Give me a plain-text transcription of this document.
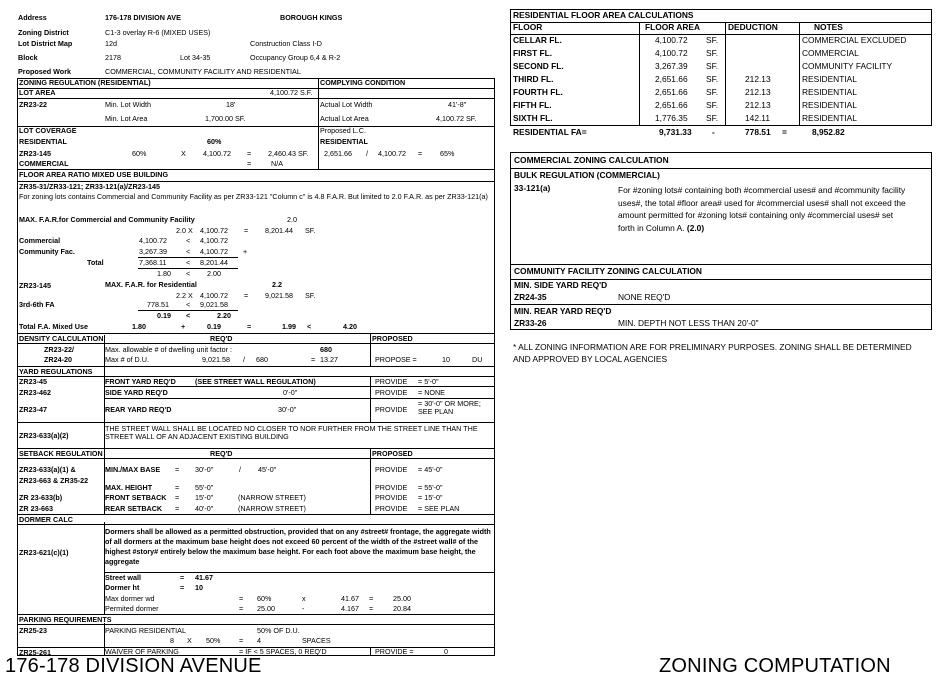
Address	176-178 DIVISION AVE	BOROUGH KINGS
Zoning District	C1-3 overlay R-6 (MIXED USES)
Lot District Map	12d	Construction Class I-D
Block	2178	Lot 34-35	Occupancy Group 6,4 & R-2
Proposed Work	COMMERCIAL, COMMUNITY FACILITY AND RESIDENTIAL
ZONING REGULATION (RESIDENTIAL)	COMPLYING CONDITION
LOT AREA	4,100.72 S.F.
ZR23-22	Min. Lot Width	18'	Actual Lot Width	41'-8"
Min. Lot Area	1,700.00 SF.	Actual Lot Area	4,100.72 SF.
LOT COVERAGE	Proposed L.C.
RESIDENTIAL	60%	RESIDENTIAL
ZR23-145	60%	X 4,100.72 = 2,460.43 SF. 2,651.66 / 4,100.72 = 65%
COMMERCIAL	=	N/A
FLOOR AREA RATIO MIXED USE BUILDING
ZR35-31/ZR33-121; ZR33-121(a)/ZR23-145
For zoning lots contains Commercial and Community Facility as per ZR33-121 "Column c" is 4.8 F.A.R. But limited to 2.0 F.A.R. as per ZR33-121(a)
MAX. F.A.R.for Commercial and Community Facility	2.0
2.0 X 4,100.72 = 8,201.44 SF.
Commercial	4,100.72	< 4,100.72
Community Fac.	3,267.39	< 4,100.72 +
Total	7,368.11	< 8,201.44
1.80 < 2.00
ZR23-145	MAX. F.A.R. for Residential	2.2
2.2 X 4,100.72 = 9,021.58 SF.
3rd-6th FA	778.51 < 9,021.58
0.19 <	2.20
Total F.A. Mixed Use	1.80	+	0.19	=	1.99 <	4.20
DENSITY CALCULATION	REQ'D	PROPOSED
ZR23-22/
ZR24-20
Max. allowable # of dwelling unit factor :	680
Max # of D.U.	9,021.58 / 680	= 13.27	PROPOSE =	10	DU
YARD REGULATIONS
ZR23-45	FRONT YARD REQ'D	(SEE STREET WALL REGULATION)	PROVIDE = 5'-0"
ZR23-462	SIDE YARD REQ'D	0'-0"	PROVIDE = NONE
ZR23-47	REAR YARD REQ'D	30'-0"	PROVIDE
= 30'-0" OR MORE; SEE PLAN
ZR23-633(a)(2)
THE STREET WALL SHALL BE LOCATED NO CLOSER TO NOR FURTHER FROM THE STREET LINE THAN THE STREET WALL OF AN ADJACENT EXISTING BUILDING
SETBACK REGULATION	REQ'D	PROPOSED
ZR23-633(a)(1) &
ZR23-663 & ZR35-22
MIN./MAX BASE = 30'-0"	/ 45'-0"	PROVIDE = 45'-0"
MAX. HEIGHT	= 55'-0"	PROVIDE = 55'-0"
ZR 23-633(b)	FRONT SETBACK = 15'-0"	(NARROW STREET)	PROVIDE = 15'-0"
ZR 23-663	REAR SETBACK = 40'-0"	(NARROW STREET)	PROVIDE = SEE PLAN
DORMER CALC
ZR23-621(c)(1)
Dormers shall be allowed as a permitted obstruction, provided that on any #street# frontage, the aggregate width of all dormers at the maximum base height does not exceed 60 percent of the width of the #street wall# of the highest #story# entirely below the maximum base height. For each foot above the maximum base height, the aggregate
Street wall	= 41.67
Dormer ht	= 10
Max dormer wd	= 60%	x	41.67 =	25.00
Permited dormer	= 25.00	-	4.167 =	20.84
PARKING REQUIREMENTS
ZR25-23	PARKING RESIDENTIAL	50% OF D.U.
8 X 50%	= 4	SPACES
ZR25-261	WAIVER OF PARKING	= IF < 5 SPACES, 0 REQ'D	PROVIDE =	0
RESIDENTIAL FLOOR AREA CALCULATIONS
FLOOR	FLOOR AREA	DEDUCTION	NOTES
CELLAR FL.	4,100.72 SF.	COMMERCIAL EXCLUDED
FIRST FL.	4,100.72 SF.	COMMERCIAL
SECOND FL.	3,267.39 SF.	COMMUNITY FACILITY
THIRD FL.	2,651.66 SF.	212.13	RESIDENTIAL
FOURTH FL.	2,651.66 SF.	212.13	RESIDENTIAL
FIFTH FL.	2,651.66 SF.	212.13	RESIDENTIAL
SIXTH FL.	1,776.35 SF.	142.11	RESIDENTIAL
RESIDENTIAL FA=	9,731.33 -	778.51 =	8,952.82
COMMERCIAL ZONING CALCULATION
BULK REGULATION (COMMERCIAL)
33-121(a)	For #zoning lots# containing both #commercial uses# and #community facility uses#, the total #floor area# used for #commercial uses# shall not exceed the amount permitted for #zoning lots# containing only #commercial uses# set forth in Column A. (2.0)
COMMUNITY FACILITY ZONING CALCULATION
MIN. SIDE YARD REQ'D
ZR24-35	NONE REQ'D
MIN. REAR YARD REQ'D
ZR33-26	MIN. DEPTH NOT LESS THAN 20'-0"
* ALL ZONING INFORMATION ARE FOR PRELIMINARY PURPOSES. ZONING SHALL BE DETERMINED AND APPROVED BY LOCAL AGENCIES
176-178 DIVISION AVENUE	ZONING COMPUTATION
